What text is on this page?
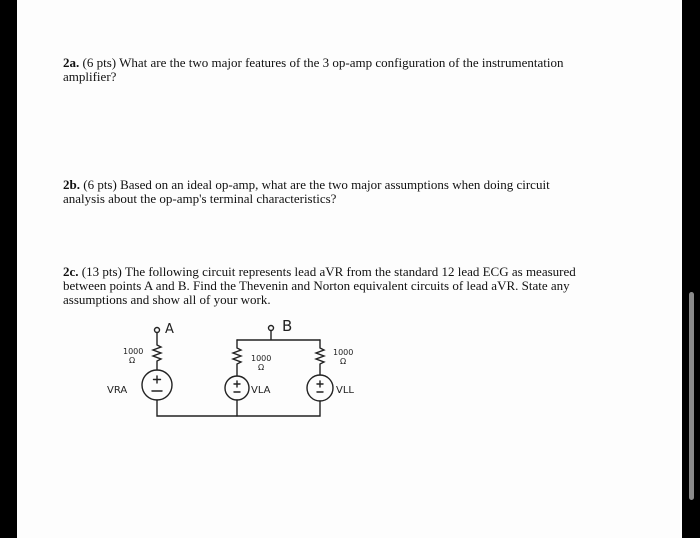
2a. (6 pts) What are the two major features of the 3 op-amp configuration of the instrumentation amplifier?
2b. (6 pts) Based on an ideal op-amp, what are the two major assumptions when doing circuit analysis about the op-amp's terminal characteristics?
2c. (13 pts) The following circuit represents lead aVR from the standard 12 lead ECG as measured between points A and B. Find the Thevenin and Norton equivalent circuits of lead aVR. State any assumptions and show all of your work.
A	B
1000
Ω	1000
Ω
1000
Ω
VRA	VLA	VLL
